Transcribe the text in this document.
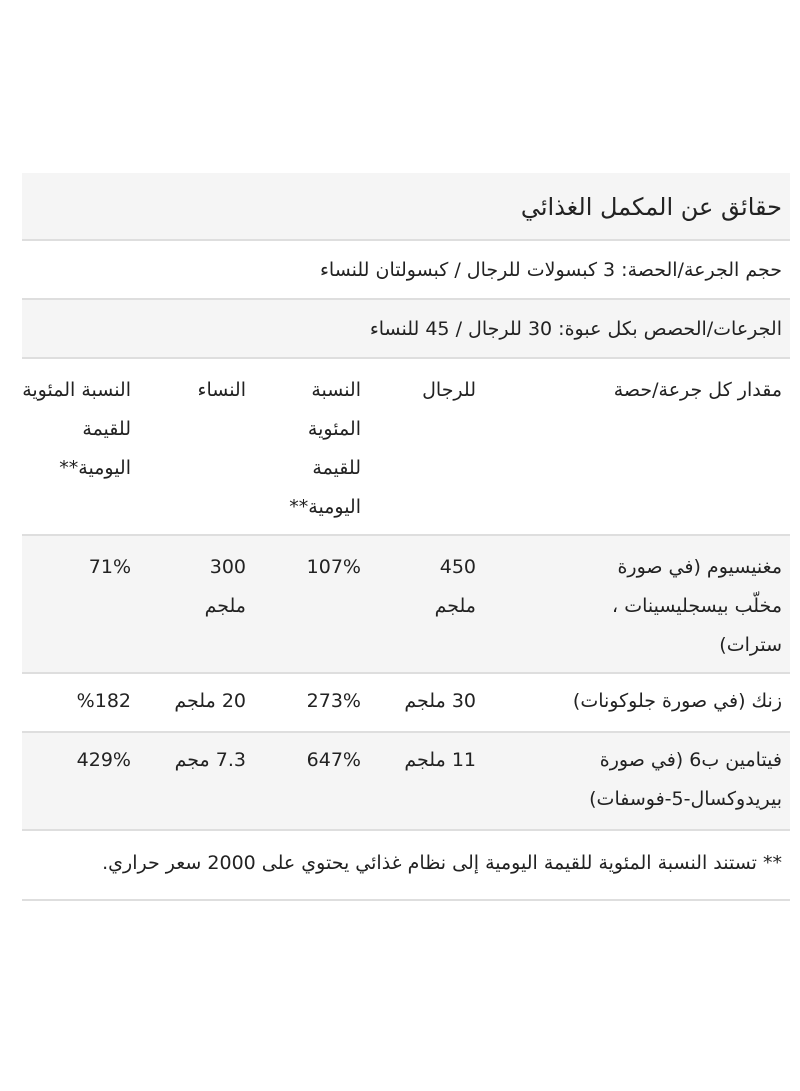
حقائق عن المكمل الغذائي
حجم الجرعة/الحصة: 3 كبسولات للرجال / كبسولتان للنساء
الجرعات/الحصص بكل عبوة: 30 للرجال / 45 للنساء
مقدار كل جرعة/حصة
للرجال
النسبة المئوية للقيمة اليومية**
النساء
النسبة المئوية للقيمة اليومية**
مغنيسيوم (في صورة مخلّب بيسجليسينات ، سترات)
450 ملجم
107%
300 ملجم
71%
زنك (في صورة جلوكونات)
30 ملجم
273%
20 ملجم
%182
فيتامين ب6 (في صورة بيريدوكسال-5-فوسفات)
11 ملجم
647%
7.3 مجم
429%
** تستند النسبة المئوية للقيمة اليومية إلى نظام غذائي يحتوي على 2000 سعر حراري.
